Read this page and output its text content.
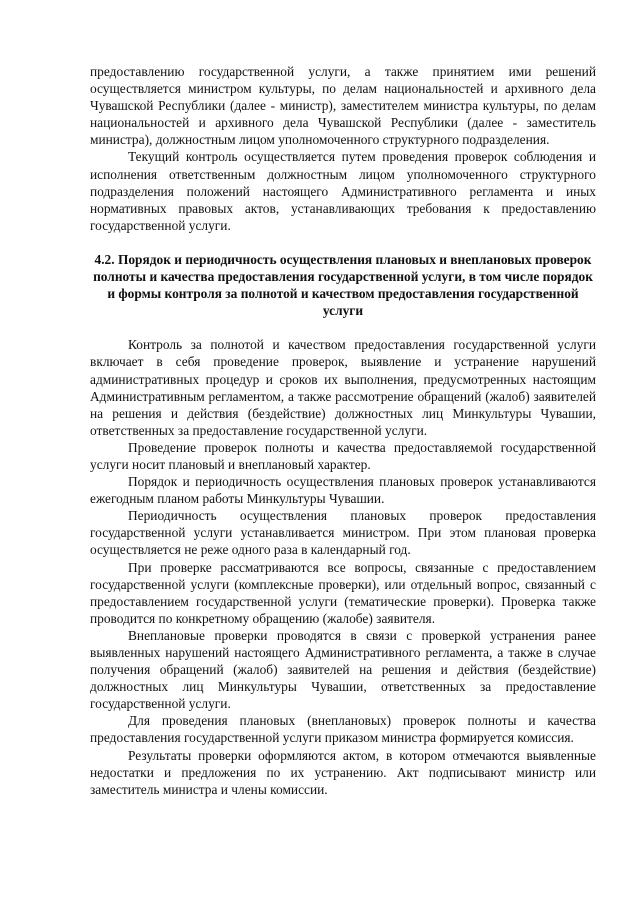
предоставлению государственной услуги, а также принятием ими решений осуществляется министром культуры, по делам национальностей и архивного дела Чувашской Республики (далее - министр), заместителем министра культуры, по делам национальностей и архивного дела Чувашской Республики (далее - заместитель министра), должностным лицом уполномоченного структурного подразделения.

Текущий контроль осуществляется путем проведения проверок соблюдения и исполнения ответственным должностным лицом уполномоченного структурного подразделения положений настоящего Административного регламента и иных нормативных правовых актов, устанавливающих требования к предоставлению государственной услуги.

4.2. Порядок и периодичность осуществления плановых и внеплановых проверок полноты и качества предоставления государственной услуги, в том числе порядок и формы контроля за полнотой и качеством предоставления государственной услуги

Контроль за полнотой и качеством предоставления государственной услуги включает в себя проведение проверок, выявление и устранение нарушений административных процедур и сроков их выполнения, предусмотренных настоящим Административным регламентом, а также рассмотрение обращений (жалоб) заявителей на решения и действия (бездействие) должностных лиц Минкультуры Чувашии, ответственных за предоставление государственной услуги.

Проведение проверок полноты и качества предоставляемой государственной услуги носит плановый и внеплановый характер.

Порядок и периодичность осуществления плановых проверок устанавливаются ежегодным планом работы Минкультуры Чувашии.

Периодичность осуществления плановых проверок предоставления государственной услуги устанавливается министром. При этом плановая проверка осуществляется не реже одного раза в календарный год.

При проверке рассматриваются все вопросы, связанные с предоставлением государственной услуги (комплексные проверки), или отдельный вопрос, связанный с предоставлением государственной услуги (тематические проверки). Проверка также проводится по конкретному обращению (жалобе) заявителя.

Внеплановые проверки проводятся в связи с проверкой устранения ранее выявленных нарушений настоящего Административного регламента, а также в случае получения обращений (жалоб) заявителей на решения и действия (бездействие) должностных лиц Минкультуры Чувашии, ответственных за предоставление государственной услуги.

Для проведения плановых (внеплановых) проверок полноты и качества предоставления государственной услуги приказом министра формируется комиссия.

Результаты проверки оформляются актом, в котором отмечаются выявленные недостатки и предложения по их устранению. Акт подписывают министр или заместитель министра и члены комиссии.
